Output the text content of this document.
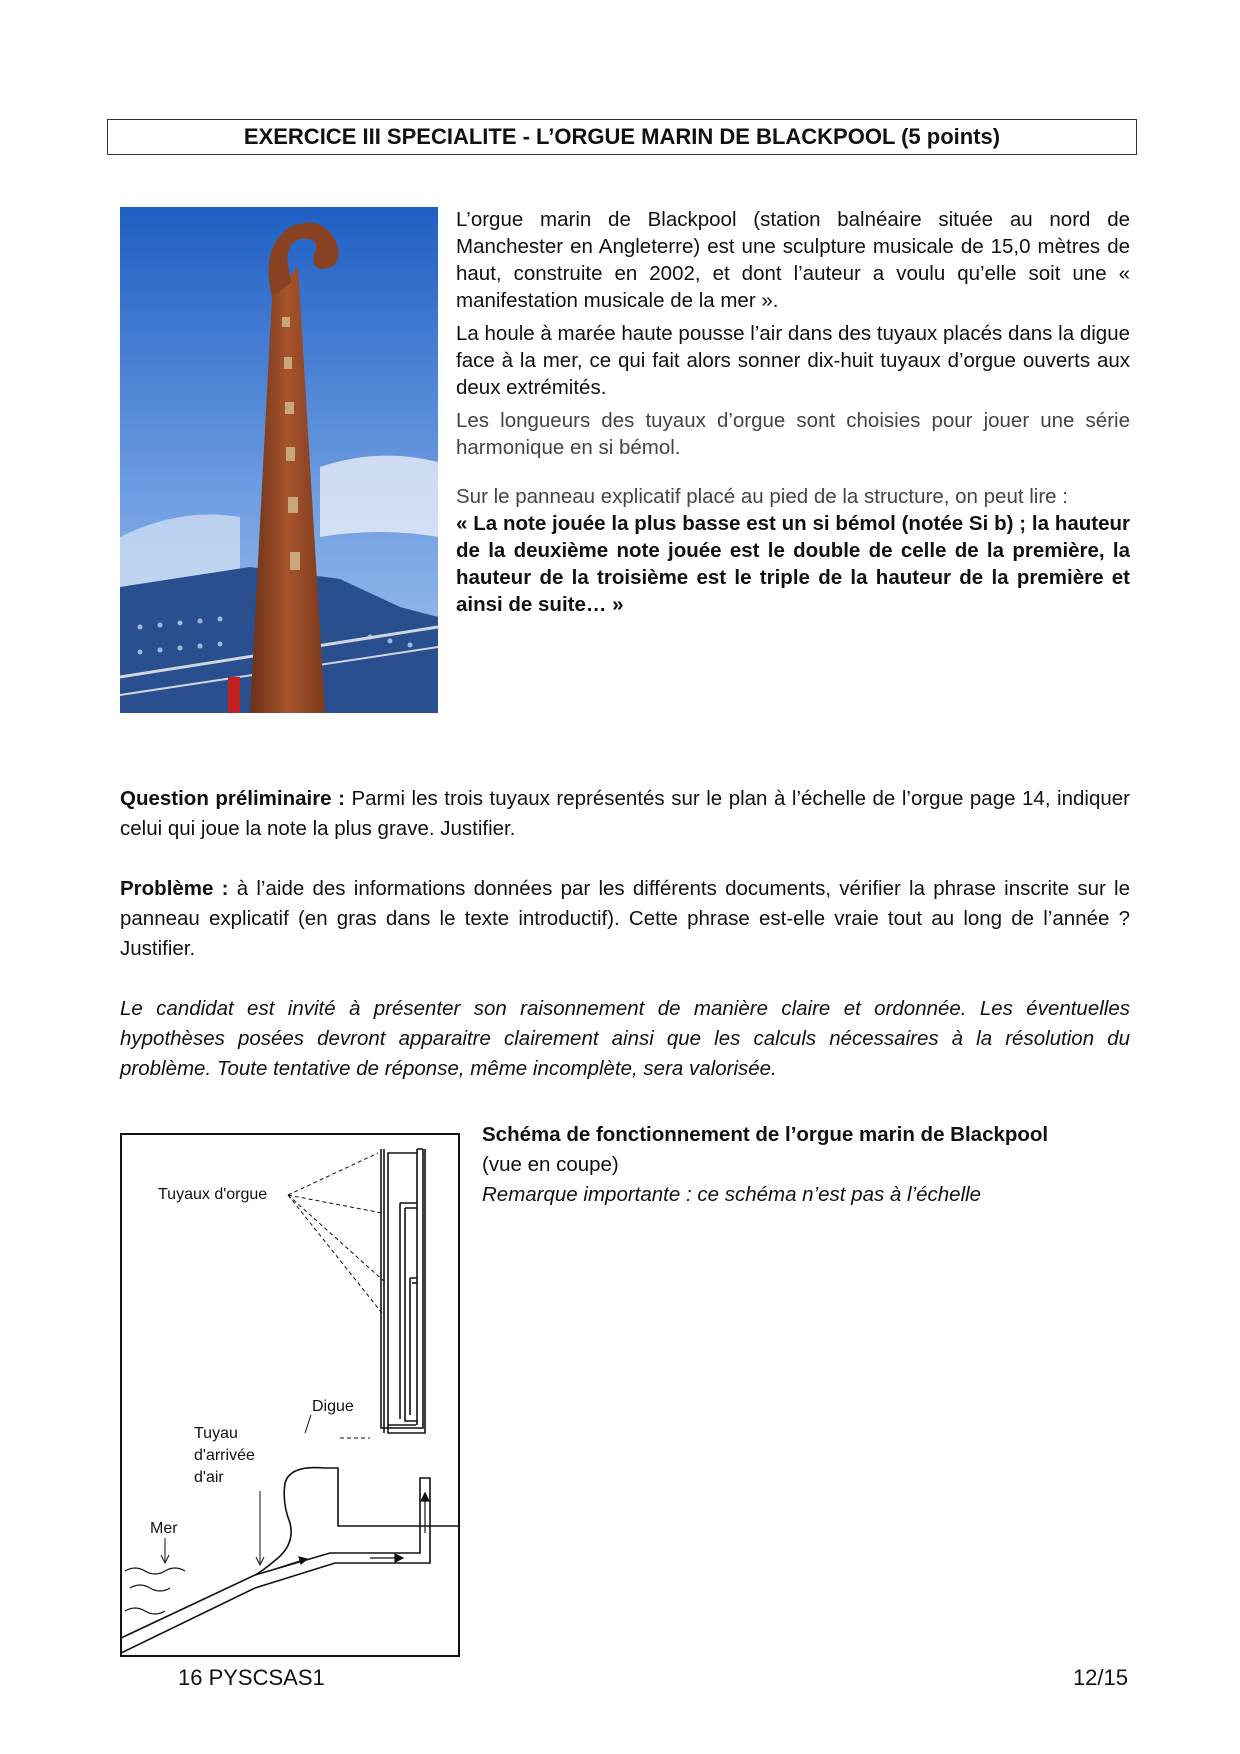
EXERCICE III SPECIALITE - L’ORGUE MARIN DE BLACKPOOL (5 points)

L’orgue marin de Blackpool (station balnéaire située au nord de Manchester en Angleterre) est une sculpture musicale de 15,0 mètres de haut, construite en 2002, et dont l’auteur a voulu qu’elle soit une « manifestation musicale de la mer ».

La houle à marée haute pousse l’air dans des tuyaux placés dans la digue face à la mer, ce qui fait alors sonner dix-huit tuyaux d’orgue ouverts aux deux extrémités.

Les longueurs des tuyaux d’orgue sont choisies pour jouer une série harmonique en si bémol.

Sur le panneau explicatif placé au pied de la structure, on peut lire :

« La note jouée la plus basse est un si bémol (notée Si b) ; la hauteur de la deuxième note jouée est le double de celle de la première, la hauteur de la troisième est le triple de la hauteur de la première et ainsi de suite… »

Question préliminaire : Parmi les trois tuyaux représentés sur le plan à l’échelle de l’orgue page 14, indiquer celui qui joue la note la plus grave. Justifier.

Problème : à l’aide des informations données par les différents documents, vérifier la phrase inscrite sur le panneau explicatif (en gras dans le texte introductif). Cette phrase est-elle vraie tout au long de l’année ? Justifier.

Le candidat est invité à présenter son raisonnement de manière claire et ordonnée. Les éventuelles hypothèses posées devront apparaitre clairement ainsi que les calculs nécessaires à la résolution du problème. Toute tentative de réponse, même incomplète, sera valorisée.

Tuyaux d'orgue
Digue
Tuyau
d'arrivée
d'air
Mer
Schéma de fonctionnement de l’orgue marin de Blackpool
(vue en coupe)
Remarque importante : ce schéma n’est pas à l’échelle
16 PYSCSAS1	12/15
